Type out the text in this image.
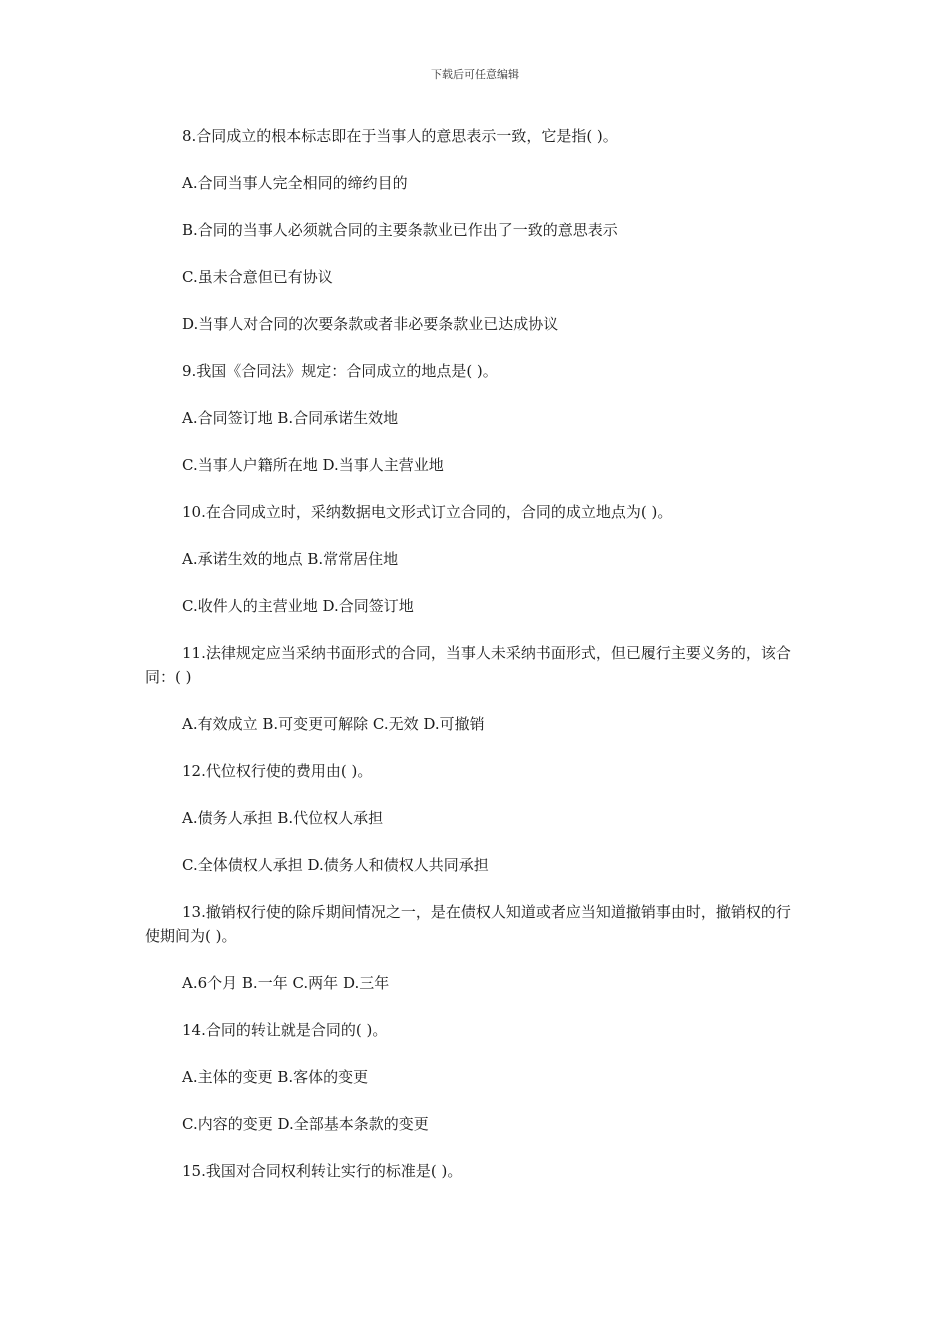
下载后可任意编辑

8.合同成立的根本标志即在于当事人的意思表示一致，它是指( )。

A.合同当事人完全相同的缔约目的

B.合同的当事人必须就合同的主要条款业已作出了一致的意思表示

C.虽未合意但已有协议

D.当事人对合同的次要条款或者非必要条款业已达成协议

9.我国《合同法》规定：合同成立的地点是( )。

A.合同签订地 B.合同承诺生效地

C.当事人户籍所在地 D.当事人主营业地

10.在合同成立时，采纳数据电文形式订立合同的，合同的成立地点为( )。

A.承诺生效的地点 B.常常居住地

C.收件人的主营业地 D.合同签订地

11.法律规定应当采纳书面形式的合同，当事人未采纳书面形式，但已履行主要义务的，该合同：( )

A.有效成立 B.可变更可解除 C.无效 D.可撤销

12.代位权行使的费用由( )。

A.债务人承担 B.代位权人承担

C.全体债权人承担 D.债务人和债权人共同承担

13.撤销权行使的除斥期间情况之一，是在债权人知道或者应当知道撤销事由时，撤销权的行使期间为( )。

A.6个月 B.一年 C.两年 D.三年

14.合同的转让就是合同的( )。

A.主体的变更 B.客体的变更

C.内容的变更 D.全部基本条款的变更

15.我国对合同权利转让实行的标准是( )。
